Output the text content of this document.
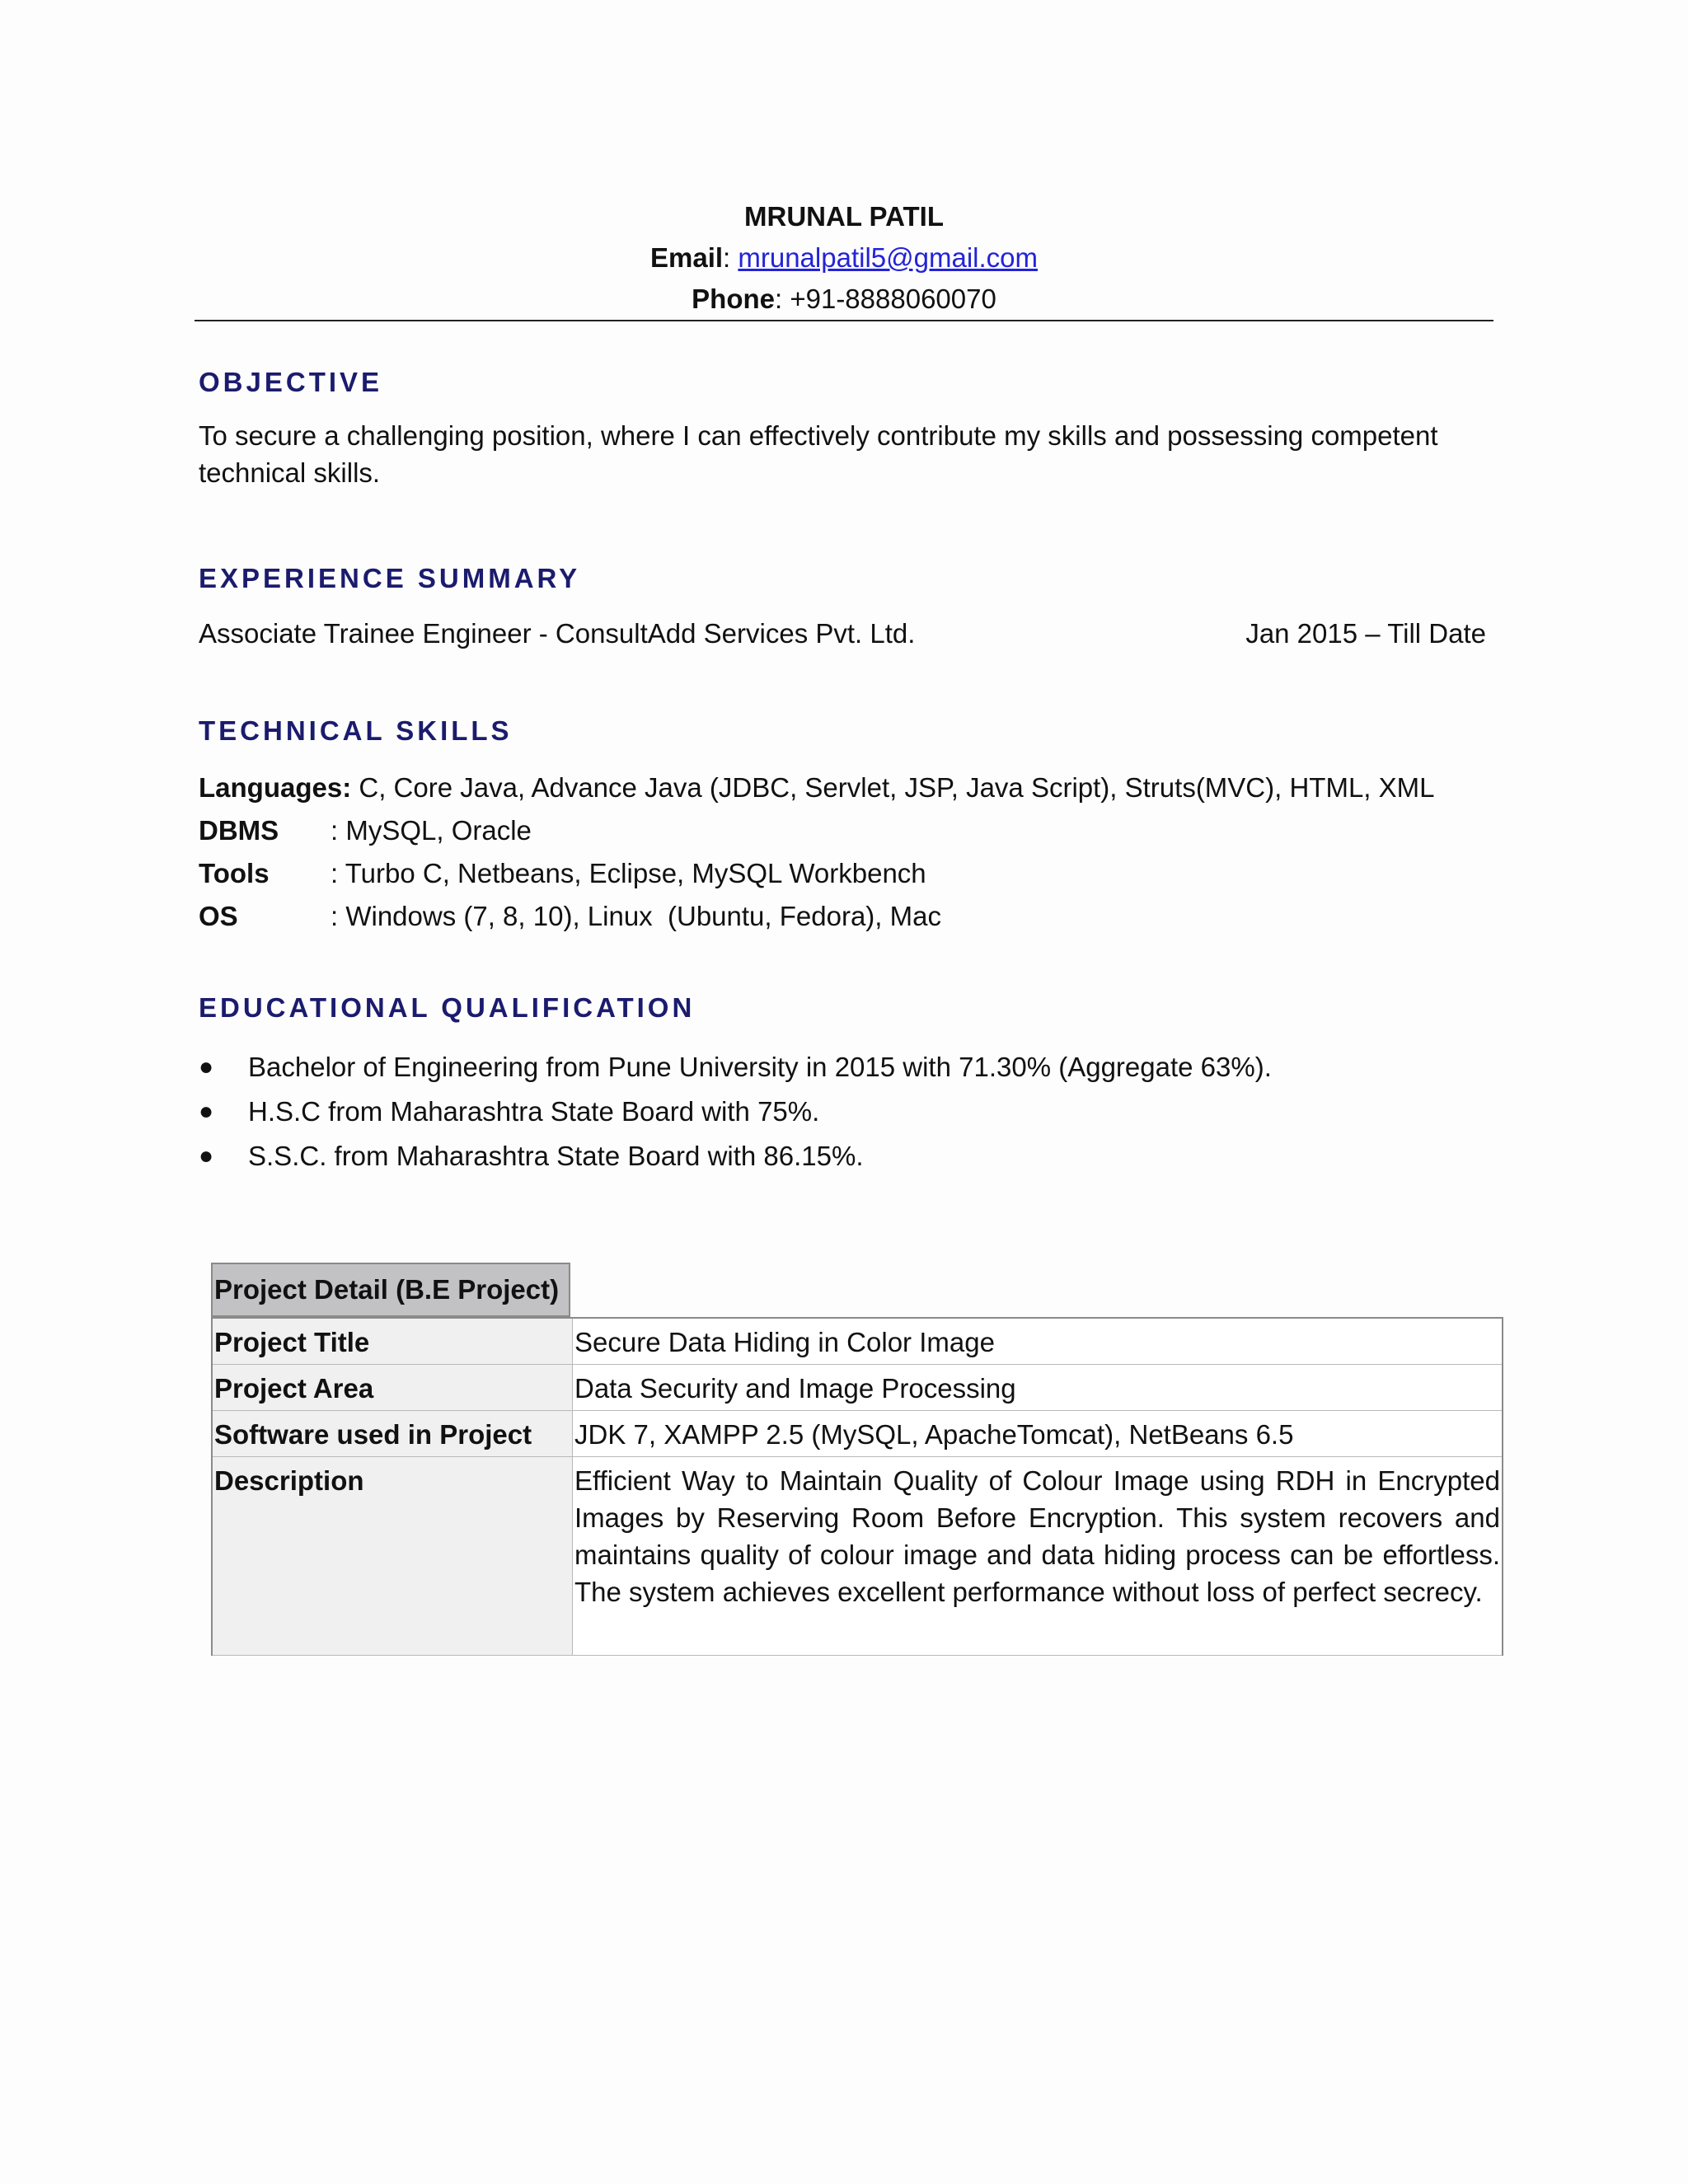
MRUNAL PATIL
Email: mrunalpatil5@gmail.com
Phone: +91-8888060070
OBJECTIVE
To secure a challenging position, where I can effectively contribute my skills and possessing competent technical skills.
EXPERIENCE SUMMARY
Associate Trainee Engineer - ConsultAdd Services Pvt. Ltd.	Jan 2015 – Till Date
TECHNICAL SKILLS
Languages: C, Core Java, Advance Java (JDBC, Servlet, JSP, Java Script), Struts(MVC), HTML, XML
DBMS	: MySQL, Oracle
Tools	: Turbo C, Netbeans, Eclipse, MySQL Workbench
OS	: Windows (7, 8, 10), Linux  (Ubuntu, Fedora), Mac
EDUCATIONAL QUALIFICATION
●	Bachelor of Engineering from Pune University in 2015 with 71.30% (Aggregate 63%).
●	H.S.C from Maharashtra State Board with 75%.
●	S.S.C. from Maharashtra State Board with 86.15%.
Project Detail (B.E Project)
Project Title	Secure Data Hiding in Color Image
Project Area	Data Security and Image Processing
Software used in Project	JDK 7, XAMPP 2.5 (MySQL, ApacheTomcat), NetBeans 6.5
Description	Efficient Way to Maintain Quality of Colour Image using RDH in Encrypted Images by Reserving Room Before Encryption. This system recovers and maintains quality of colour image and data hiding process can be effortless. The system achieves excellent performance without loss of perfect secrecy.
